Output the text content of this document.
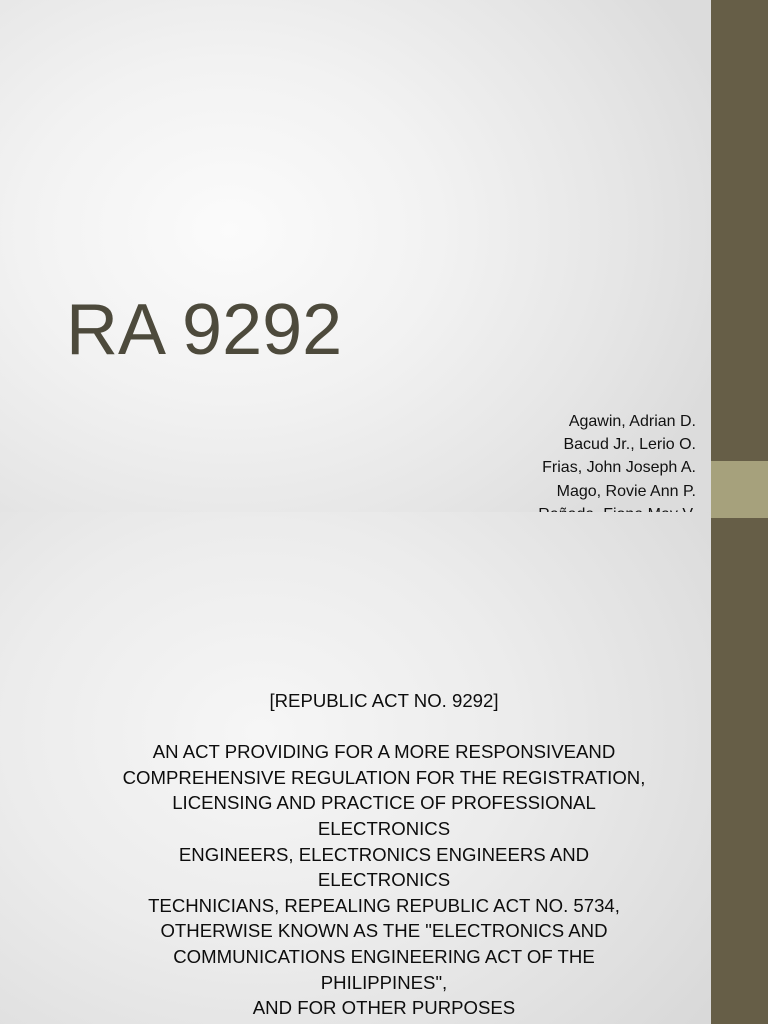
RA 9292
Agawin, Adrian D.
Bacud Jr., Lerio O.
Frias, John Joseph A.
Mago, Rovie Ann P.

[REPUBLIC ACT NO. 9292]

AN ACT PROVIDING FOR A MORE RESPONSIVEAND
COMPREHENSIVE REGULATION FOR THE REGISTRATION,
LICENSING AND PRACTICE OF PROFESSIONAL
ELECTRONICS
ENGINEERS, ELECTRONICS ENGINEERS AND
ELECTRONICS
TECHNICIANS, REPEALING REPUBLIC ACT NO. 5734,
OTHERWISE KNOWN AS THE "ELECTRONICS AND
COMMUNICATIONS ENGINEERING ACT OF THE
PHILIPPINES",
AND FOR OTHER PURPOSES
